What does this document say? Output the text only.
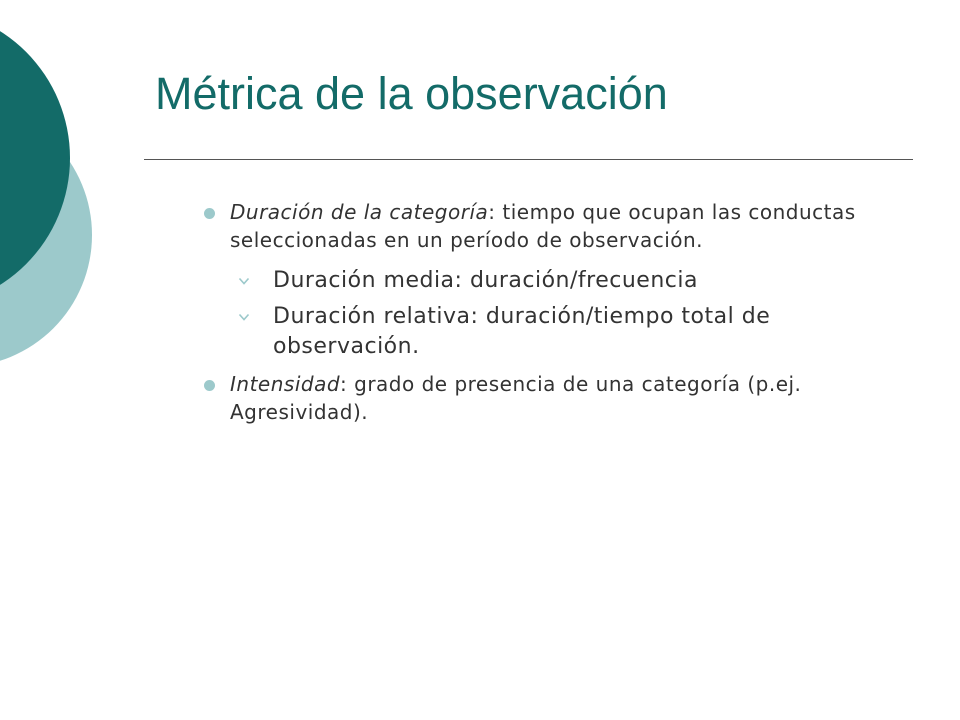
Métrica de la observación
Duración de la categoría: tiempo que ocupan las conductas seleccionadas en un período de observación.
Duración media: duración/frecuencia
Duración relativa: duración/tiempo total de observación.
Intensidad: grado de presencia de una categoría (p.ej. Agresividad).
